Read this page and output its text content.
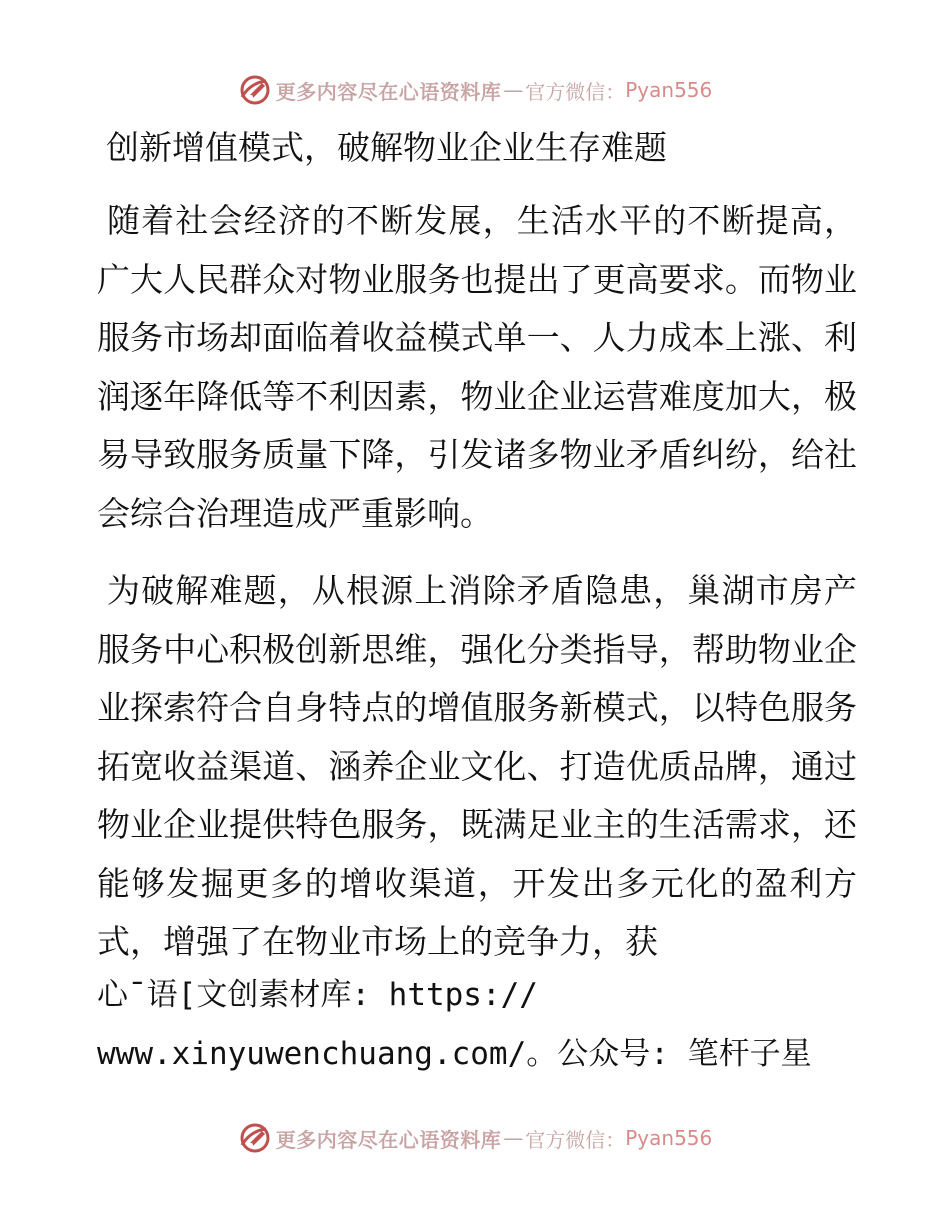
更多内容尽在心语资料库 — 官方微信： Pyan556
创新增值模式，破解物业企业生存难题

随着社会经济的不断发展，生活水平的不断提高，广大人民群众对物业服务也提出了更高要求。而物业服务市场却面临着收益模式单一、人力成本上涨、利润逐年降低等不利因素，物业企业运营难度加大，极易导致服务质量下降，引发诸多物业矛盾纠纷，给社会综合治理造成严重影响。

为破解难题，从根源上消除矛盾隐患，巢湖市房产服务中心积极创新思维，强化分类指导，帮助物业企业探索符合自身特点的增值服务新模式，以特色服务拓宽收益渠道、涵养企业文化、打造优质品牌，通过物业企业提供特色服务，既满足业主的生活需求，还能够发掘更多的增收渠道，开发出多元化的盈利方式，增强了在物业市场上的竞争力，获

心¯语[文创素材库: https://
www.xinyuwenchuang.com/。公众号: 笔杆子星
更多内容尽在心语资料库 — 官方微信： Pyan556
